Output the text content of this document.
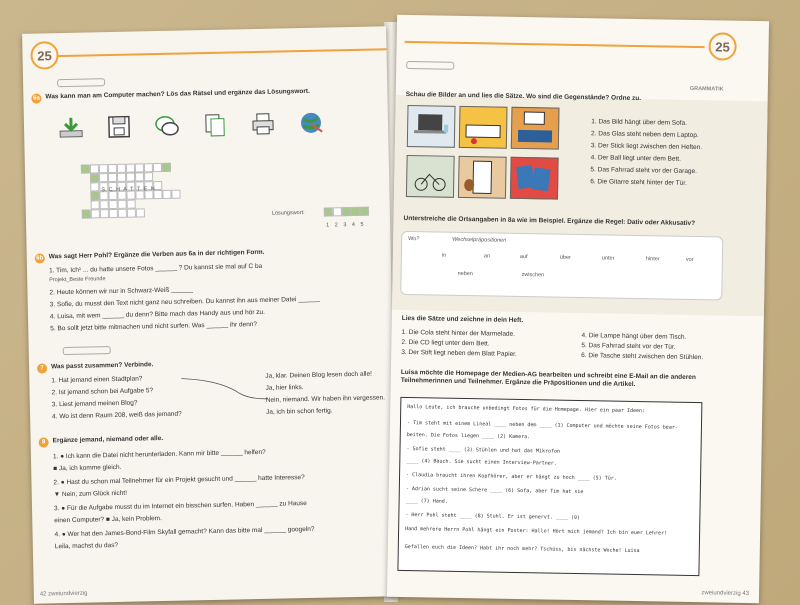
25
6a Was kann man am Computer machen? Lös das Rätsel und ergänze das Lösungswort.
S C H A T T E N
Lösungswort:
1 2 3 4 5
6b Was sagt Herr Pohl? Ergänze die Verben aus 6a in der richtigen Form.
1. Tim, Ich¹ ... du hatte unsere Fotos ______ ? Du kannst sie mal auf C ba
Projekt_Beste Freunde
2. Heute können wir nur in Schwarz-Weiß ______
3. Sofie, du musst den Text nicht ganz neu schreiben. Du kannst ihn aus meiner Datei ______
4. Luisa, mit wem ______ du denn? Bitte mach das Handy aus und hör zu.
5. Bo sollt jetzt bitte mitmachen und nicht surfen. Was ______ ihr denn?
7	Was passt zusammen? Verbinde.
1. Hat jemand einen Stadtplan?
2. Ist jemand schon bei Aufgabe 5?
3. Liest jemand meinen Blog?
4. Wo ist denn Raum 208, weiß das jemand?
Ja, klar. Deinen Blog lesen doch alle!
Ja, hier links.
Nein, niemand. Wir haben ihn vergessen.
Ja, ich bin schon fertig.
8	Ergänze jemand, niemand oder alle.
1. ● Ich kann die Datei nicht herunterladen. Kann mir bitte ______ helfen?
■ Ja, ich komme gleich.
2. ● Hast du schon mal Teilnehmer für ein Projekt gesucht und ______ hatte Interesse?
▼ Nein, zum Glück nicht!
3. ● Für die Aufgabe musst du im Internet ein bisschen surfen. Haben ______ zu Hause
einen Computer? ■ Ja, kein Problem.
4. ● Wer hat den James-Bond-Film Skyfall gemacht? Kann das bitte mal ______ googeln?
Leila, machst du das?
42 zweiundvierzig
25
GRAMMATIK
Schau die Bilder an und lies die Sätze. Wo sind die Gegenstände? Ordne zu.
1. Das Bild hängt über dem Sofa.
2. Das Glas steht neben dem Laptop.
3. Der Stick liegt zwischen den Heften.
4. Der Ball liegt unter dem Bett.
5. Das Fahrrad steht vor der Garage.
6. Die Gitarre steht hinter der Tür.
Unterstreiche die Ortsangaben in 8a wie im Beispiel. Ergänze die Regel: Dativ oder Akkusativ?
Wo?	Wechselpräpositionen
in	an	auf	über	unter	hinter	vor
neben	zwischen
Lies die Sätze und zeichne in dein Heft.
1. Die Cola steht hinter der Marmelade.
2. Die CD liegt unter dem Bett.
3. Der Stift liegt neben dem Blatt Papier.
4. Die Lampe hängt über dem Tisch.
5. Das Fahrrad steht vor der Tür.
6. Die Tasche steht zwischen den Stühlen.
Luisa möchte die Homepage der Medien-AG bearbeiten und schreibt eine E-Mail an die anderen Teilnehmerinnen und Teilnehmer. Ergänze die Präpositionen und die Artikel.
Hallo Leute, ich brauche unbedingt Fotos für die Homepage. Hier ein paar Ideen:
- Tim steht mit einem Lineal ____ neben dem ____ (1) Computer und möchte seine Fotos bear-
beiten. Die Fotos liegen ____ (2) Kamera.
- Sofie steht ____ (3) Stühlen und hat das Mikrofon
____ (4) Bauch. Sie sucht einen Interview-Partner.
- Claudia braucht ihren Kopfhörer, aber er hängt zu hoch ____ (5) Tür.
- Adrian sucht seine Schere ____ (6) Sofa, aber Tim hat sie
____ (7) Hand.
- Herr Pohl steht ____ (8) Stuhl. Er ist genervt. ____ (9)
Hand mehrere Herrn Pohl hängt ein Poster: Hallo! Hört mich jemand? Ich bin euer Lehrer!
Gefallen euch die Ideen? Habt ihr noch mehr? Tschüss, bis nächste Woche! Luisa
zweiundvierzig 43
